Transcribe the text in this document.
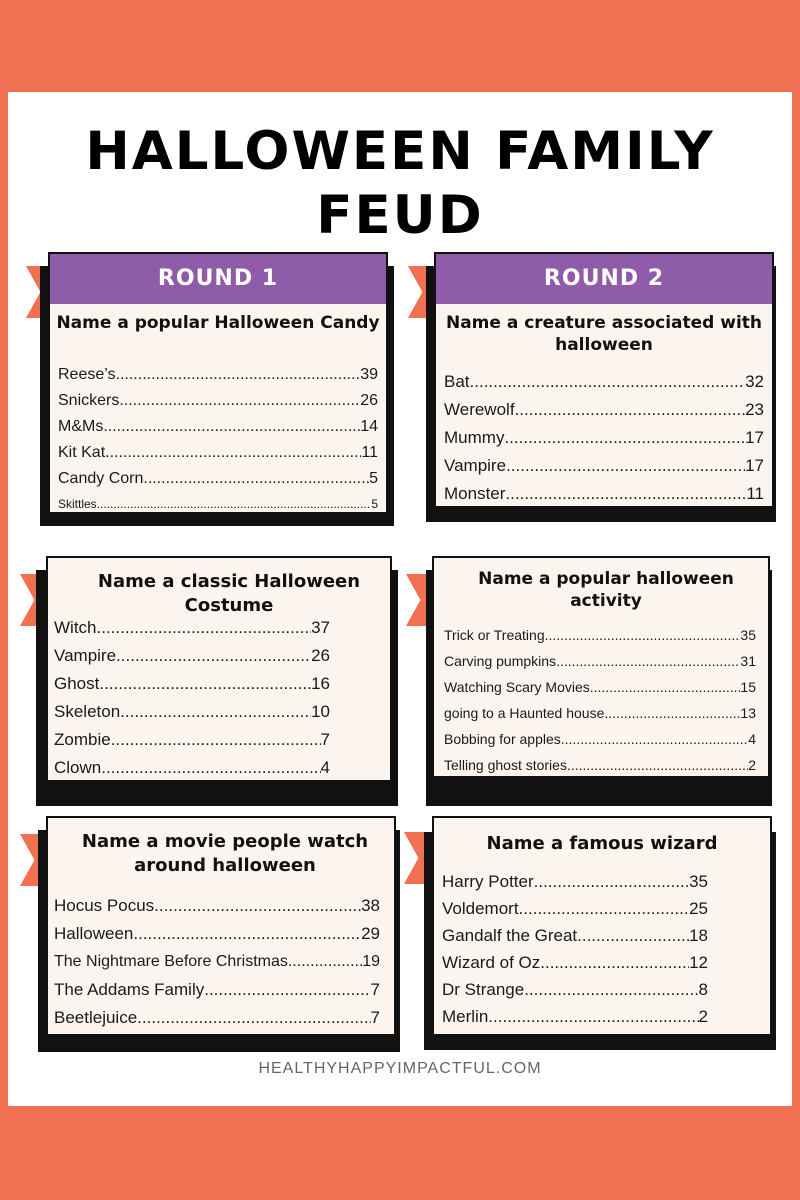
HALLOWEEN FAMILY
FEUD
ROUND 1
Name a popular Halloween Candy
Reese’s .....	39
Snickers .....	26
M&Ms .....	14
Kit Kat .....	11
Candy Corn .....	5
Skittles .....	5
ROUND 2
Name a creature associated with halloween
Bat .....	32
Werewolf .....	23
Mummy .....	17
Vampire .....	17
Monster .....	11
Name a classic Halloween Costume
Witch .....	37
Vampire .....	26
Ghost .....	16
Skeleton .....	10
Zombie .....	7
Clown .....	4
Name a popular halloween activity
Trick or Treating .....	35
Carving pumpkins .....	31
Watching Scary Movies .....	15
going to a Haunted house .....	13
Bobbing for apples .....	4
Telling ghost stories .....	2
Name a movie people watch around halloween
Hocus Pocus .....	38
Halloween .....	29
The Nightmare Before Christmas .....	19
The Addams Family .....	7
Beetlejuice .....	7
Name a famous wizard
Harry Potter .....	35
Voldemort .....	25
Gandalf the Great .....	18
Wizard of Oz .....	12
Dr Strange .....	8
Merlin .....	2
HEALTHYHAPPYIMPACTFUL.COM
